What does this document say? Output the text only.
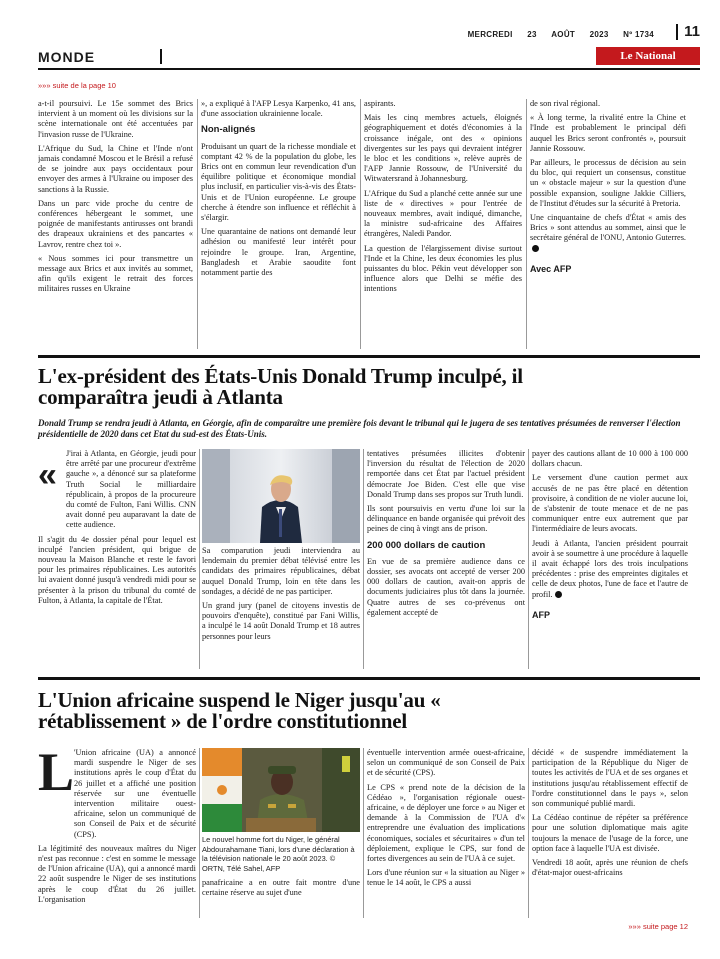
MERCREDI 23 AOÛT 2023 Nº 1734	11
MONDE	Le National
»»» suite de la page 10

a-t-il poursuivi. Le 15e sommet des Brics intervient à un moment où les divisions sur la scène internationale ont été accentuées par l'invasion russe de l'Ukraine.

L'Afrique du Sud, la Chine et l'Inde n'ont jamais condamné Moscou et le Brésil a refusé de se joindre aux pays occidentaux pour envoyer des armes à l'Ukraine ou imposer des sanctions à la Russie.

Dans un parc vide proche du centre de conférences hébergeant le sommet, une poignée de manifestants antirusses ont brandi des drapeaux ukrainiens et des pancartes « Lavrov, rentre chez toi ».

« Nous sommes ici pour transmettre un message aux Brics et aux invités au sommet, afin qu'ils exigent le retrait des forces militaires russes en Ukraine

», a expliqué à l'AFP Lesya Karpenko, 41 ans, d'une association ukrainienne locale.

Non-alignés

Produisant un quart de la richesse mondiale et comptant 42 % de la population du globe, les Brics ont en commun leur revendication d'un équilibre politique et économique mondial plus inclusif, en particulier vis-à-vis des États-Unis et de l'Union européenne. Le groupe cherche à étendre son influence et réfléchit à s'élargir.

Une quarantaine de nations ont demandé leur adhésion ou manifesté leur intérêt pour rejoindre le groupe. Iran, Argentine, Bangladesh et Arabie saoudite font notamment partie des

aspirants.

Mais les cinq membres actuels, éloignés géographiquement et dotés d'économies à la croissance inégale, ont des « opinions divergentes sur les pays qui devraient intégrer le bloc et les conditions », relève auprès de l'AFP Jannie Rossouw, de l'Université du Witwatersrand à Johannesburg.

L'Afrique du Sud a planché cette année sur une liste de « directives » pour l'entrée de nouveaux membres, avait indiqué, dimanche, la ministre sud-africaine des Affaires étrangères, Naledi Pandor.

La question de l'élargissement divise surtout l'Inde et la Chine, les deux économies les plus puissantes du bloc. Pékin veut développer son influence alors que Delhi se méfie des intentions

de son rival régional.

« À long terme, la rivalité entre la Chine et l'Inde est probablement le principal défi auquel les Brics seront confrontés », poursuit Jannie Rossouw.

Par ailleurs, le processus de décision au sein du bloc, qui requiert un consensus, constitue un « obstacle majeur » sur la question d'une possible expansion, souligne Jakkie Cilliers, de l'Institut d'études sur la sécurité à Pretoria.

Une cinquantaine de chefs d'État « amis des Brics » sont attendus au sommet, ainsi que le secrétaire général de l'ONU, Antonio Guterres.

Avec AFP
L'ex-président des États-Unis Donald Trump inculpé, il
comparaîtra jeudi à Atlanta
Donald Trump se rendra jeudi à Atlanta, en Géorgie, afin de comparaître une première fois devant le tribunal qui le jugera de ses tentatives présumées de renverser l'élection présidentielle de 2020 dans cet Etat du sud-est des États-Unis.
«

J'irai à Atlanta, en Géorgie, jeudi pour être arrêté par une procureur d'extrême gauche », a dénoncé sur sa plateforme Truth Social le milliardaire républicain, à propos de la procureure du comté de Fulton, Fani Willis. CNN avait donné peu auparavant la date de cette audience.

Il s'agit du 4e dossier pénal pour lequel est inculpé l'ancien président, qui brigue de nouveau la Maison Blanche et reste le favori pour les primaires républicaines. Les autorités lui avaient donné jusqu'à vendredi midi pour se présenter à la prison du tribunal du comté de Fulton, à Atlanta, la capitale de l'État.

Sa comparution jeudi interviendra au lendemain du premier débat télévisé entre les candidats des primaires républicaines, débat auquel Donald Trump, loin en tête dans les sondages, a décidé de ne pas participer.

Un grand jury (panel de citoyens investis de pouvoirs d'enquête), constitué par Fani Willis, a inculpé le 14 août Donald Trump et 18 autres personnes pour leurs

tentatives présumées illicites d'obtenir l'inversion du résultat de l'élection de 2020 remportée dans cet État par l'actuel président démocrate Joe Biden. C'est elle que vise Donald Trump dans ses propos sur Truth lundi.

Ils sont poursuivis en vertu d'une loi sur la délinquance en bande organisée qui prévoit des peines de cinq à vingt ans de prison.

200 000 dollars de caution

En vue de sa première audience dans ce dossier, ses avocats ont accepté de verser 200 000 dollars de caution, avait-on appris de documents judiciaires plus tôt dans la journée. Quatre autres de ses co-prévenus ont également accepté de

payer des cautions allant de 10 000 à 100 000 dollars chacun.

Le versement d'une caution permet aux accusés de ne pas être placé en détention provisoire, à condition de ne violer aucune loi, de s'abstenir de toute menace et de ne pas communiquer entre eux autrement que par l'intermédiaire de leurs avocats.

Jeudi à Atlanta, l'ancien président pourrait avoir à se soumettre à une procédure à laquelle il avait échappé lors des trois inculpations précédentes : prise des empreintes digitales et celle de deux photos, l'une de face et l'autre de profil.

AFP
L'Union africaine suspend le Niger jusqu'au «
rétablissement » de l'ordre constitutionnel
L 'Union africaine (UA) a annoncé mardi suspendre le Niger de ses institutions après le coup d'État du 26 juillet et a affiché une position réservée sur une éventuelle intervention militaire ouest-africaine, selon un communiqué de son Conseil de Paix et de sécurité (CPS).

La légitimité des nouveaux maîtres du Niger n'est pas reconnue : c'est en somme le message de l'Union africaine (UA), qui a annoncé mardi 22 août suspendre le Niger de ses institutions après le coup d'État du 26 juillet. L'organisation

Le nouvel homme fort du Niger, le général Abdourahamane Tiani, lors d'une déclaration à la télévision nationale le 20 août 2023. © ORTN, Télé Sahel, AFP

panafricaine a en outre fait montre d'une certaine réserve au sujet d'une

éventuelle intervention armée ouest-africaine, selon un communiqué de son Conseil de Paix et de sécurité (CPS).

Le CPS « prend note de la décision de la Cédéao », l'organisation régionale ouest-africaine, « de déployer une force » au Niger et demande à la Commission de l'UA d'« entreprendre une évaluation des implications économiques, sociales et sécuritaires » d'un tel déploiement, explique le CPS, sur fond de fortes divergences au sein de l'UA à ce sujet.

Lors d'une réunion sur « la situation au Niger » tenue le 14 août, le CPS a aussi

décidé « de suspendre immédiatement la participation de la République du Niger de toutes les activités de l'UA et de ses organes et institutions jusqu'au rétablissement effectif de l'ordre constitutionnel dans le pays », selon son communiqué publié mardi.

La Cédéao continue de répéter sa préférence pour une solution diplomatique mais agite toujours la menace de l'usage de la force, une option face à laquelle l'UA est divisée.

Vendredi 18 août, après une réunion de chefs d'état-major ouest-africains

»»» suite page 12
